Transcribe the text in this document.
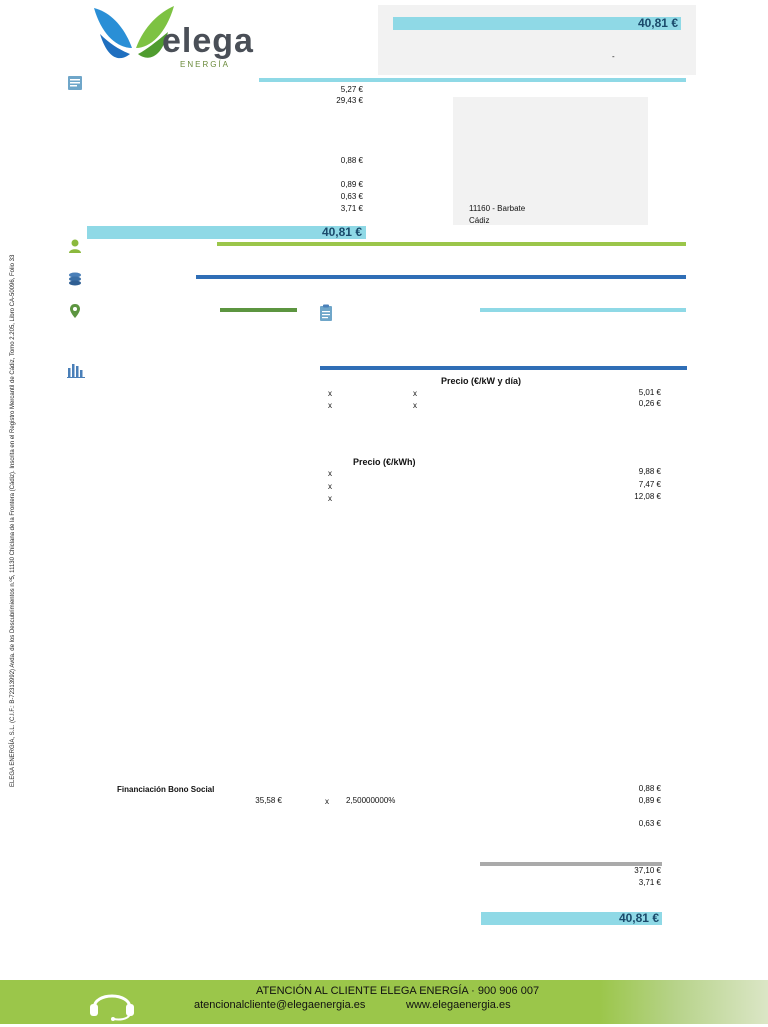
elega
ENERGÍA
40,81 €
-
5,27 €
29,43 €
0,88 €
0,89 €
0,63 €
3,71 €	11160 - Barbate
Cádiz
40,81 €
Precio (€/kW y día)
x	x	5,01 €
x	x	0,26 €
Precio (€/kWh)
x	9,88 €
x	7,47 €
x	12,08 €
Financiación Bono Social	0,88 €
35,58 €	x 2,50000000%	0,89 €
0,63 €
37,10 €
3,71 €
40,81 €
ELEGA ENERGÍA, S.L. (C.I.F.: B-72313992) Avda. de los Descubrimientos n.º5, 11130 Chiclana de la Frontera (Cádiz). Inscrita en el Registro Mercantil de Cádiz, Tomo 2.205, Libro CA-50096, Folio 33
ATENCIÓN AL CLIENTE ELEGA ENERGÍA · 900 906 007
atencionalcliente@elegaenergia.es	www.elegaenergia.es
